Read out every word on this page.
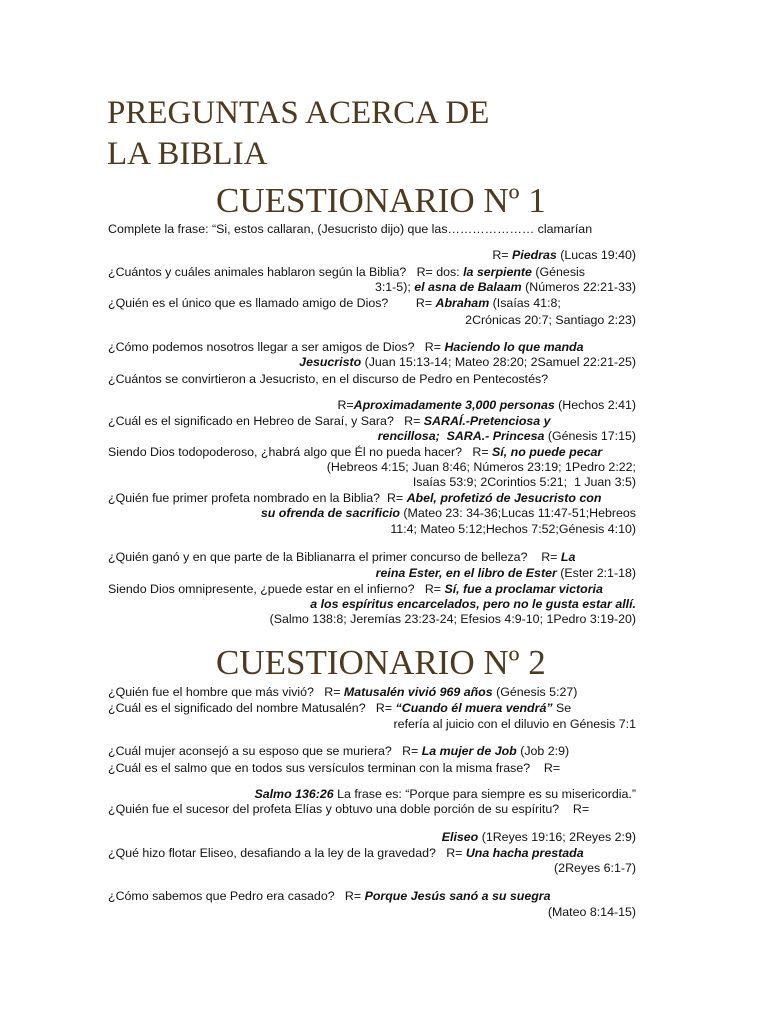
PREGUNTAS ACERCA DE
LA BIBLIA
CUESTIONARIO Nº 1
CUESTIONARIO Nº 2
Complete la frase: “Si, estos callaran, (Jesucristo dijo) que las………………… clamarían
R= Piedras (Lucas 19:40)
¿Cuántos y cuáles animales hablaron según la Biblia?   R= dos: la serpiente (Génesis
3:1-5); el asna de Balaam (Números 22:21-33)
¿Quién es el único que es llamado amigo de Dios?        R= Abraham (Isaías 41:8;
2Crónicas 20:7; Santiago 2:23)
¿Cómo podemos nosotros llegar a ser amigos de Dios?   R= Haciendo lo que manda
Jesucristo (Juan 15:13-14; Mateo 28:20; 2Samuel 22:21-25)
¿Cuántos se convirtieron a Jesucristo, en el discurso de Pedro en Pentecostés?
R=Aproximadamente 3,000 personas (Hechos 2:41)
¿Cuál es el significado en Hebreo de Saraí, y Sara?   R= SARAÍ.-Pretenciosa y
rencillosa;  SARA.- Princesa (Génesis 17:15)
Siendo Dios todopoderoso, ¿habrá algo que Él no pueda hacer?   R= Sí, no puede pecar
(Hebreos 4:15; Juan 8:46; Números 23:19; 1Pedro 2:22;
Isaías 53:9; 2Corintios 5:21;  1 Juan 3:5)
¿Quién fue primer profeta nombrado en la Biblia?  R= Abel, profetizó de Jesucristo con
su ofrenda de sacrificio (Mateo 23: 34-36;Lucas 11:47-51;Hebreos
11:4; Mateo 5:12;Hechos 7:52;Génesis 4:10)
¿Quién ganó y en que parte de la Biblianarra el primer concurso de belleza?    R= La
reina Ester, en el libro de Ester (Ester 2:1-18)
Siendo Dios omnipresente, ¿puede estar en el infierno?   R= Sí, fue a proclamar victoria
a los espíritus encarcelados, pero no le gusta estar allí.
(Salmo 138:8; Jeremías 23:23-24; Efesios 4:9-10; 1Pedro 3:19-20)
¿Quién fue el hombre que más vivió?   R= Matusalén vivió 969 años (Génesis 5:27)
¿Cuál es el significado del nombre Matusalén?   R= “Cuando él muera vendrá” Se
refería al juicio con el diluvio en Génesis 7:1
¿Cuál mujer aconsejó a su esposo que se muriera?   R= La mujer de Job (Job 2:9)
¿Cuál es el salmo que en todos sus versículos terminan con la misma frase?    R=
Salmo 136:26 La frase es: “Porque para siempre es su misericordia.”
¿Quién fue el sucesor del profeta Elías y obtuvo una doble porción de su espíritu?    R=
Eliseo (1Reyes 19:16; 2Reyes 2:9)
¿Qué hizo flotar Eliseo, desafiando a la ley de la gravedad?   R= Una hacha prestada
(2Reyes 6:1-7)
¿Cómo sabemos que Pedro era casado?   R= Porque Jesús sanó a su suegra
(Mateo 8:14-15)
